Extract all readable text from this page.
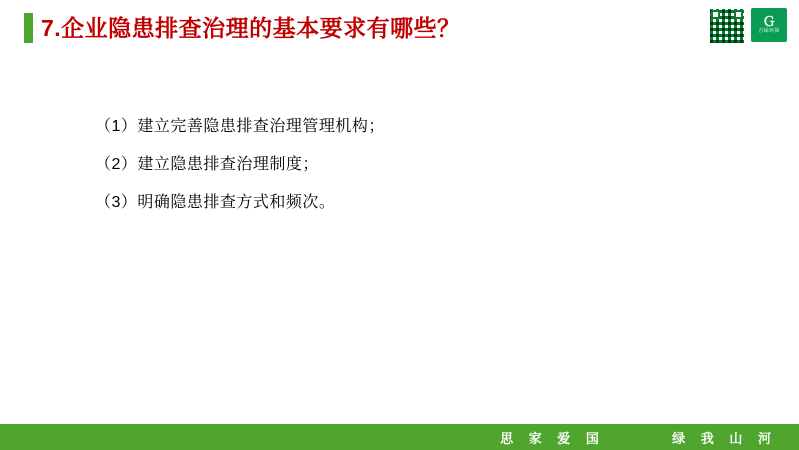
7.企业隐患排查治理的基本要求有哪些？	Ｇ
吉绿环保
（1）建立完善隐患排查治理管理机构；
（2）建立隐患排查治理制度；
（3）明确隐患排查方式和频次。
思 家 爱 国	绿 我 山 河
